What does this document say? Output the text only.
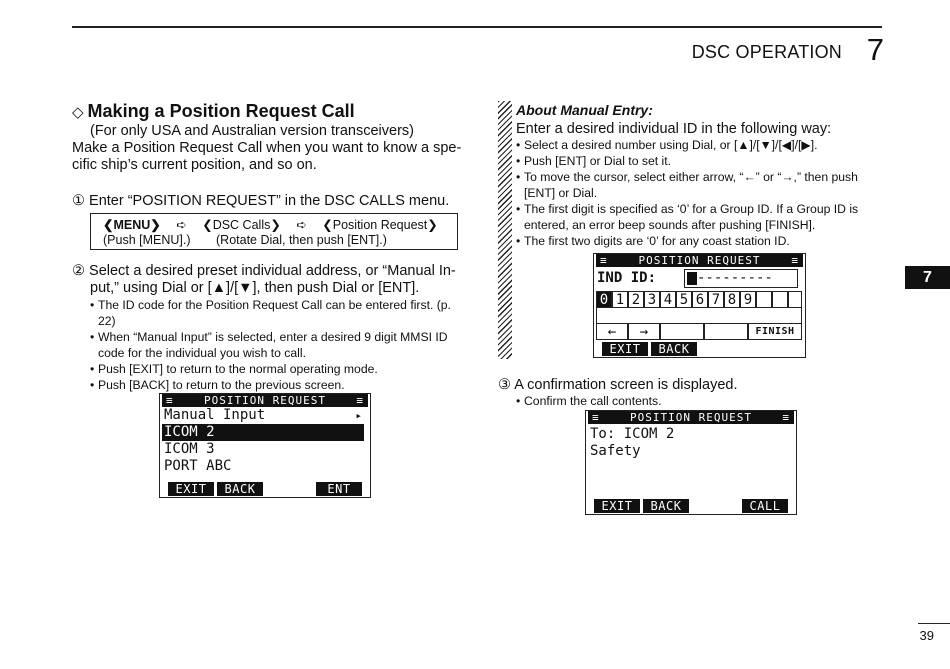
DSC OPERATION 7
7
39
◇ Making a Position Request Call
(For only USA and Australian version transceivers)
Make a Position Request Call when you want to know a spe-
cific ship’s current position, and so on.
① Enter “POSITION REQUEST” in the DSC CALLS menu.
❮MENU❯ ➪ ❮DSC Calls❯ ➪ ❮Position Request❯
(Push [MENU].) (Rotate Dial, then push [ENT].)
② Select a desired preset individual address, or “Manual In-
put,” using Dial or [▲]/[▼], then push Dial or [ENT].
• The ID code for the Position Request Call can be entered first. (p.
22)
• When “Manual Input” is selected, enter a desired 9 digit MMSI ID
code for the individual you wish to call.
• Push [EXIT] to return to the normal operating mode.
• Push [BACK] to return to the previous screen.
≡	POSITION REQUEST	≡
Manual Input	▸
ICOM 2
ICOM 3
PORT ABC
EXIT	BACK	ENT
About Manual Entry:
Enter a desired individual ID in the following way:
• Select a desired number using Dial, or [▲]/[▼]/[◀]/[▶].
• Push [ENT] or Dial to set it.
• To move the cursor, select either arrow, “←” or “→,” then push
[ENT] or Dial.
• The first digit is specified as ‘0’ for a Group ID. If a Group ID is
entered, an error beep sounds after pushing [FINISH].
• The first two digits are ‘0’ for any coast station ID.
≡	POSITION REQUEST	≡
IND ID:	---------
0 1 2 3 4 5 6 7 8 9
←	→	FINISH
EXIT	BACK
③ A confirmation screen is displayed.
• Confirm the call contents.
≡	POSITION REQUEST	≡
To: ICOM 2
Safety
EXIT	BACK	CALL
